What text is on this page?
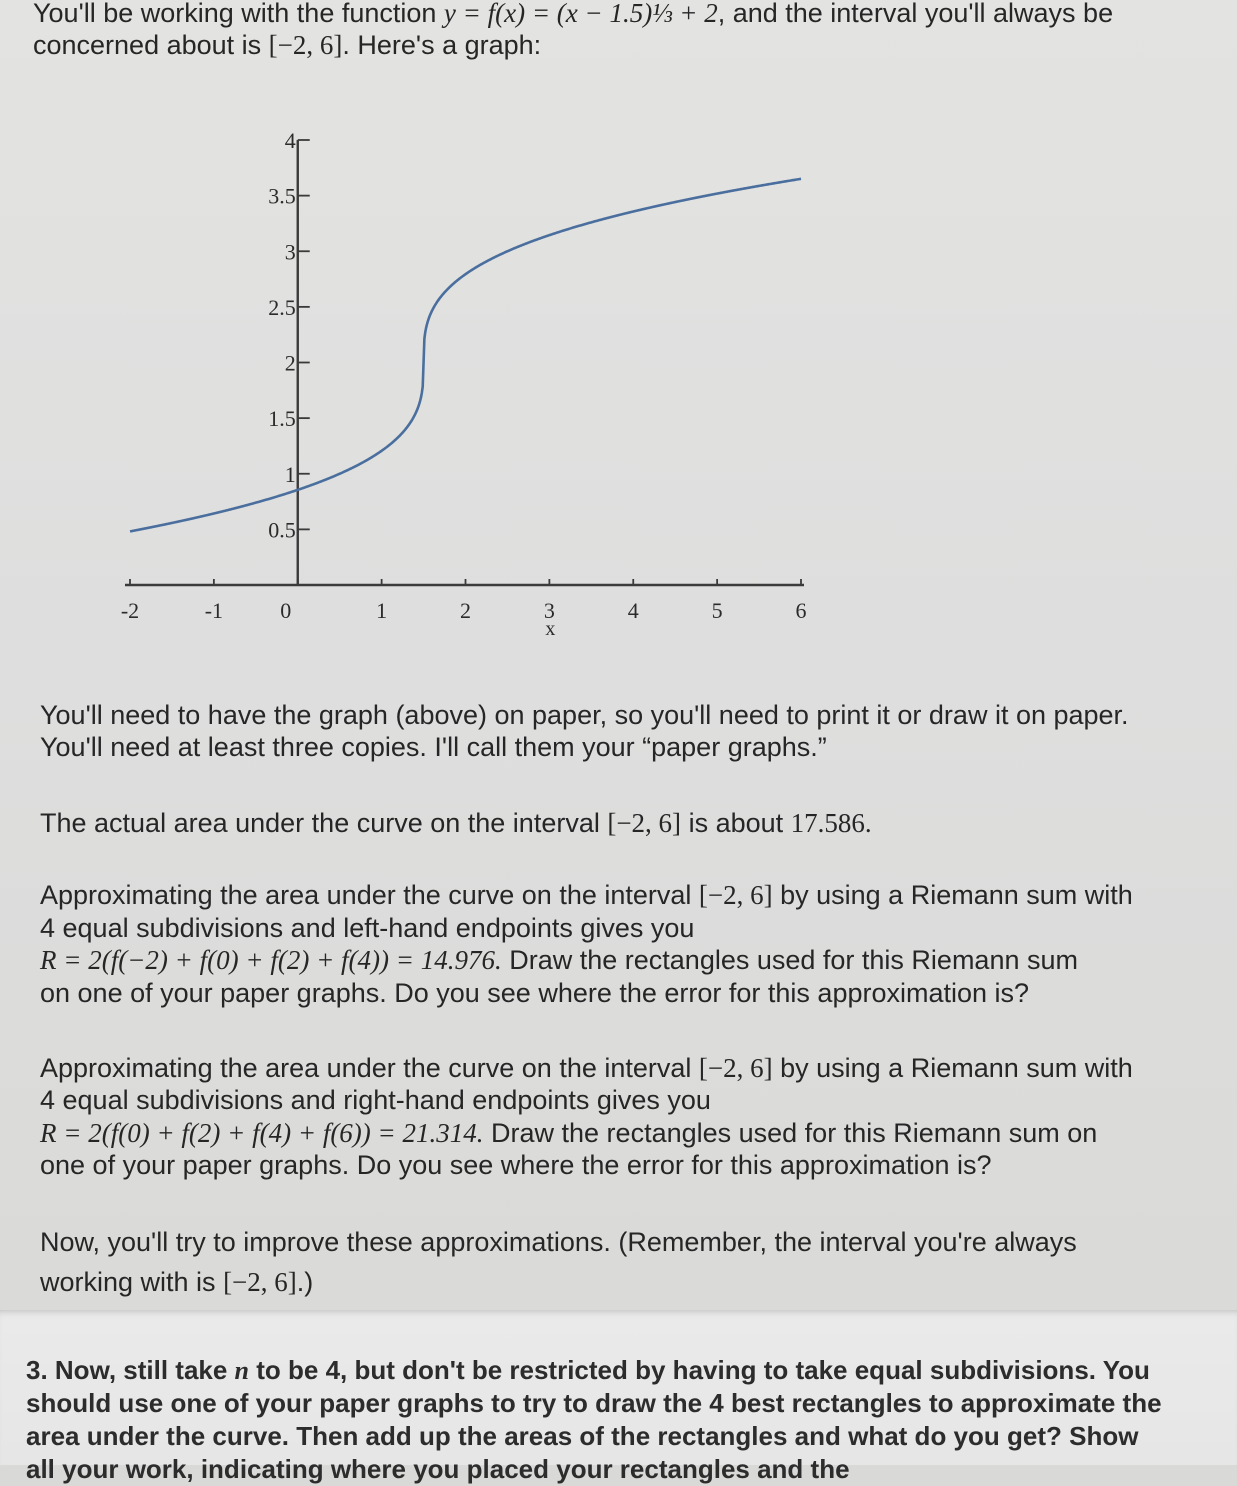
You'll be working with the function y = f(x) = (x − 1.5)⅓ + 2, and the interval you'll always be
concerned about is [−2, 6]. Here's a graph:
0.5
1
1.5
2
2.5
3
3.5
4
-2	-1	0	1	2	3	4	5	6
x
You'll need to have the graph (above) on paper, so you'll need to print it or draw it on paper.
You'll need at least three copies. I'll call them your “paper graphs.”
The actual area under the curve on the interval [−2, 6] is about 17.586.
Approximating the area under the curve on the interval [−2, 6] by using a Riemann sum with
4 equal subdivisions and left-hand endpoints gives you
R = 2(f(−2) + f(0) + f(2) + f(4)) = 14.976. Draw the rectangles used for this Riemann sum
on one of your paper graphs. Do you see where the error for this approximation is?
Approximating the area under the curve on the interval [−2, 6] by using a Riemann sum with
4 equal subdivisions and right-hand endpoints gives you
R = 2(f(0) + f(2) + f(4) + f(6)) = 21.314. Draw the rectangles used for this Riemann sum on
one of your paper graphs. Do you see where the error for this approximation is?
Now, you'll try to improve these approximations. (Remember, the interval you're always
working with is [−2, 6].)
3. Now, still take n to be 4, but don't be restricted by having to take equal subdivisions. You
should use one of your paper graphs to try to draw the 4 best rectangles to approximate the
area under the curve. Then add up the areas of the rectangles and what do you get? Show
all your work, indicating where you placed your rectangles and the
